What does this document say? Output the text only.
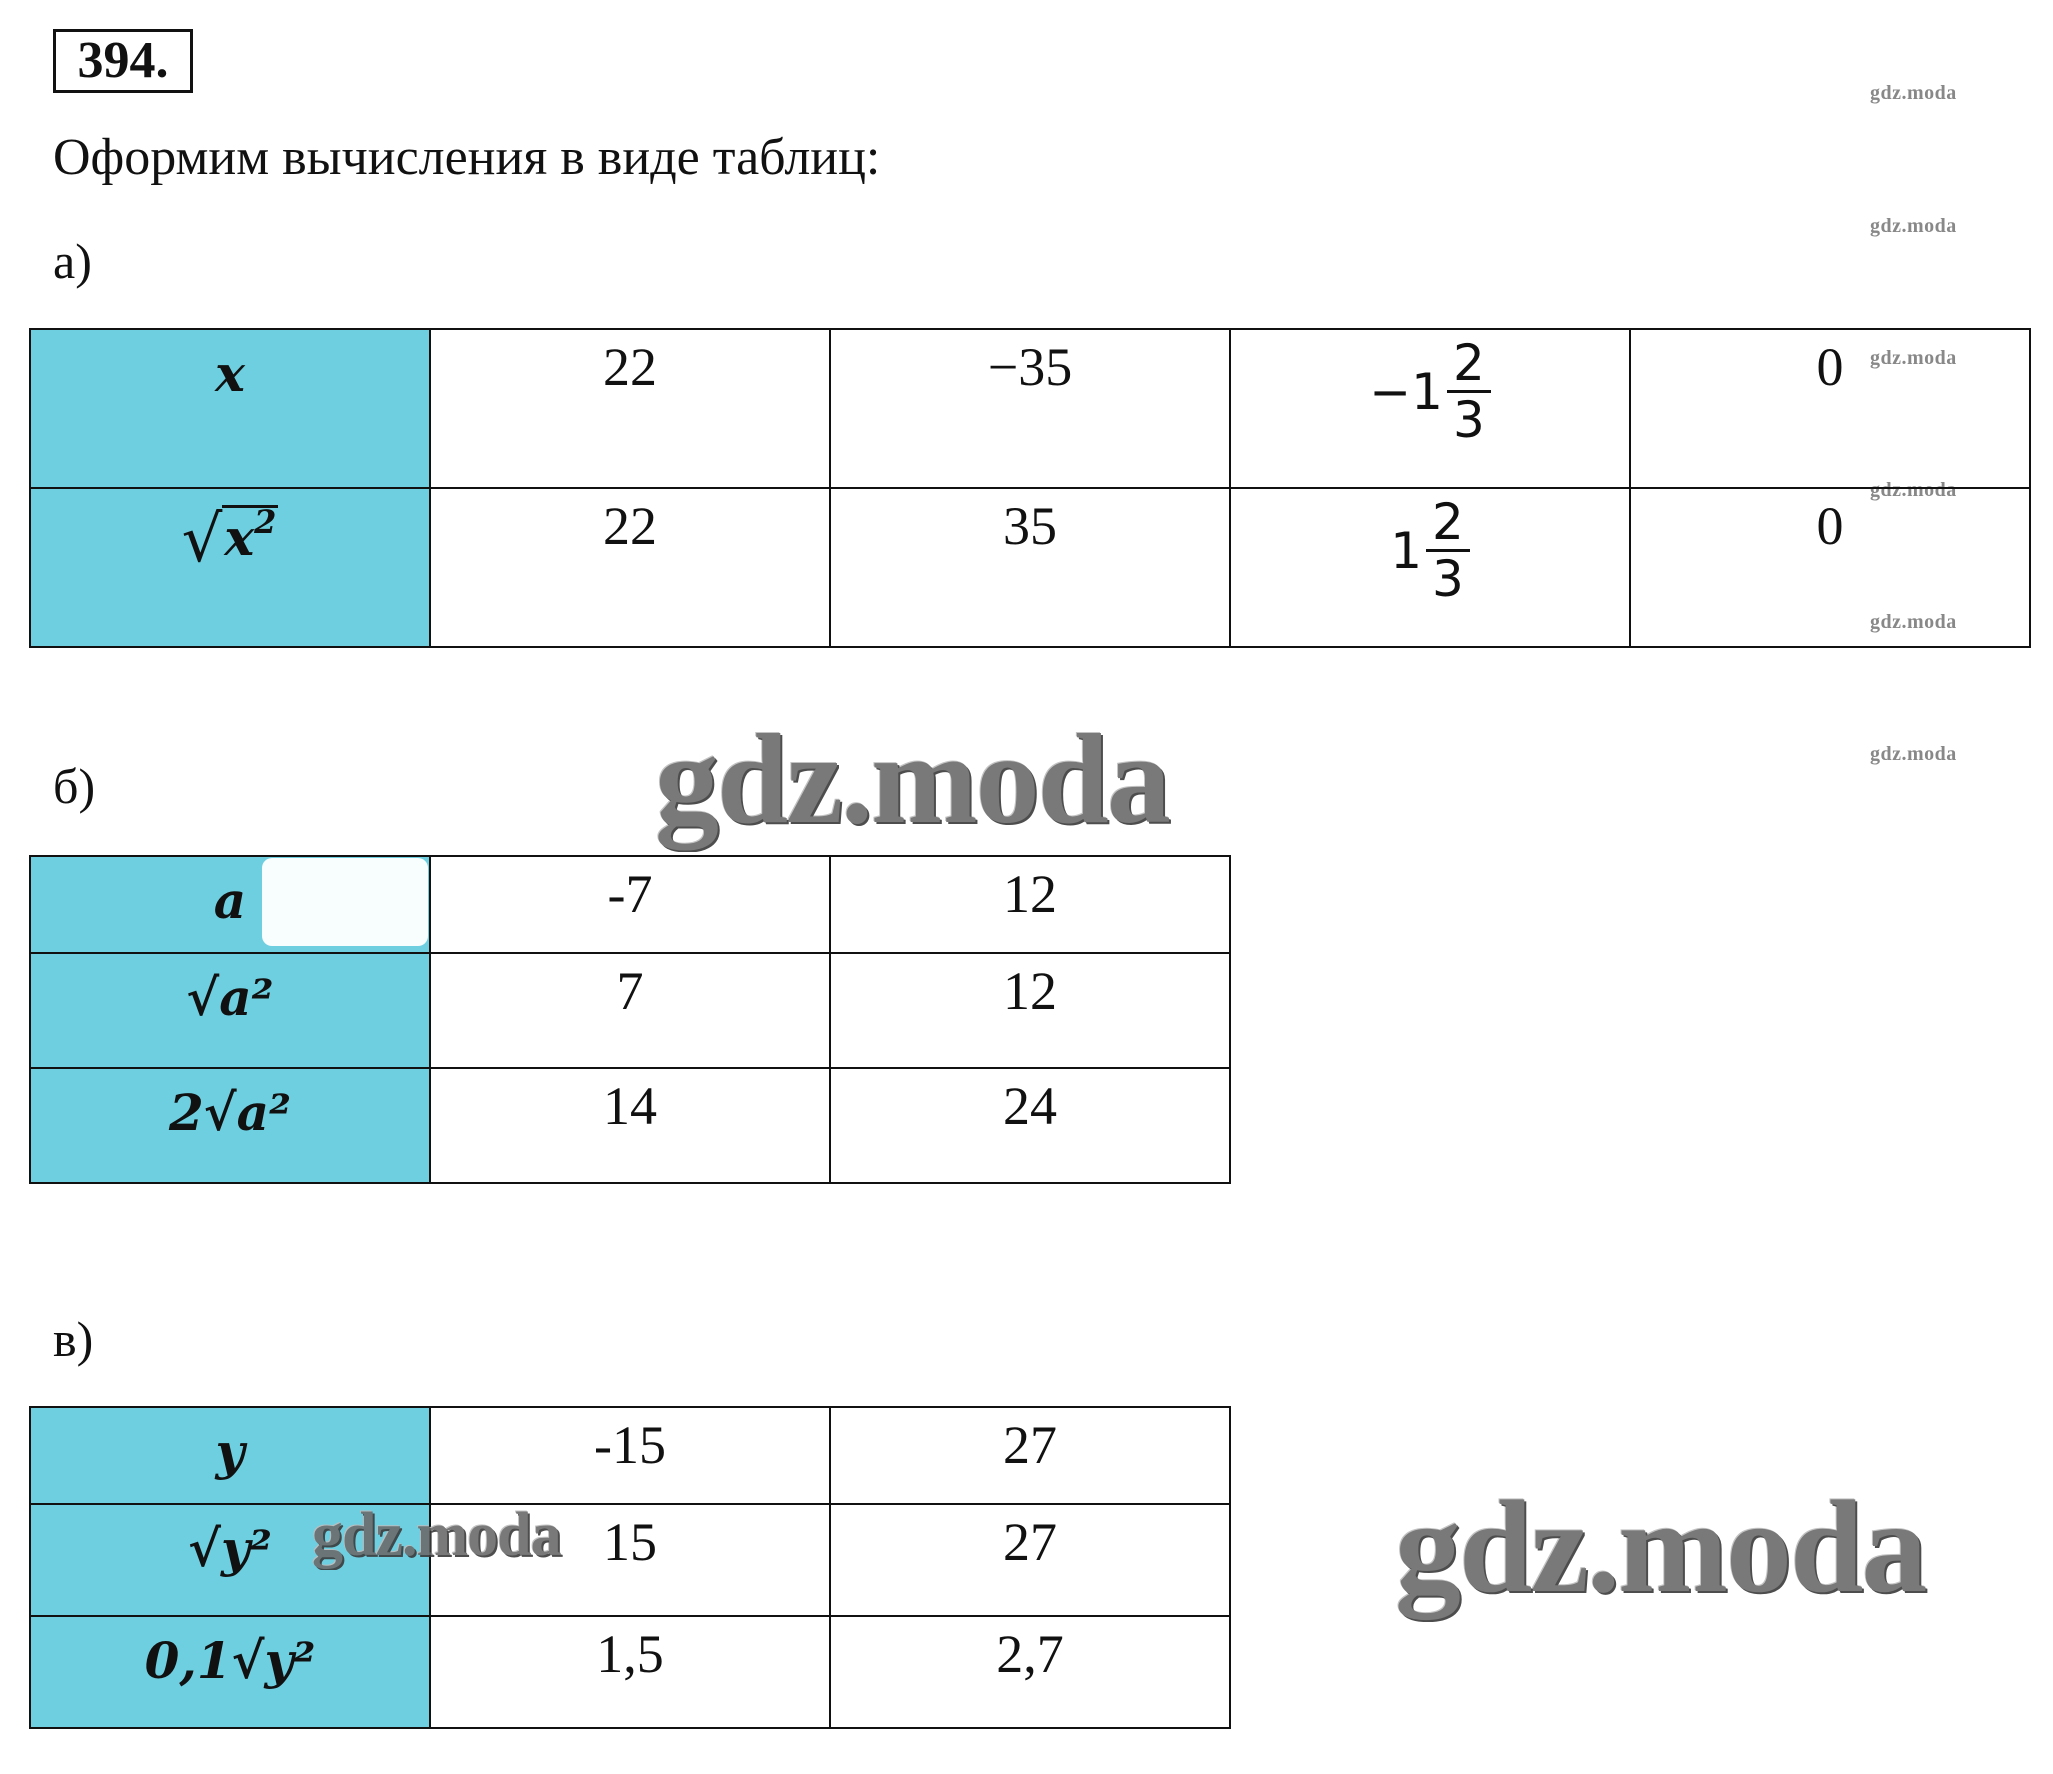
394.
Оформим вычисления в виде таблиц:
gdz.moda
gdz.moda
gdz.moda
gdz.moda
gdz.moda
gdz.moda
а)
x	22	−35	$-1 \frac{2}{3}$	0
$√x^2$	22	35	$1 \frac{2}{3}$	0
б)	gdz.moda
a	-7	12
√a²	7	12
2√a²	14	24
в)
y	-15	27
√y²	15	27
0,1√y²	1,5	2,7
gdz.moda	gdz.moda
